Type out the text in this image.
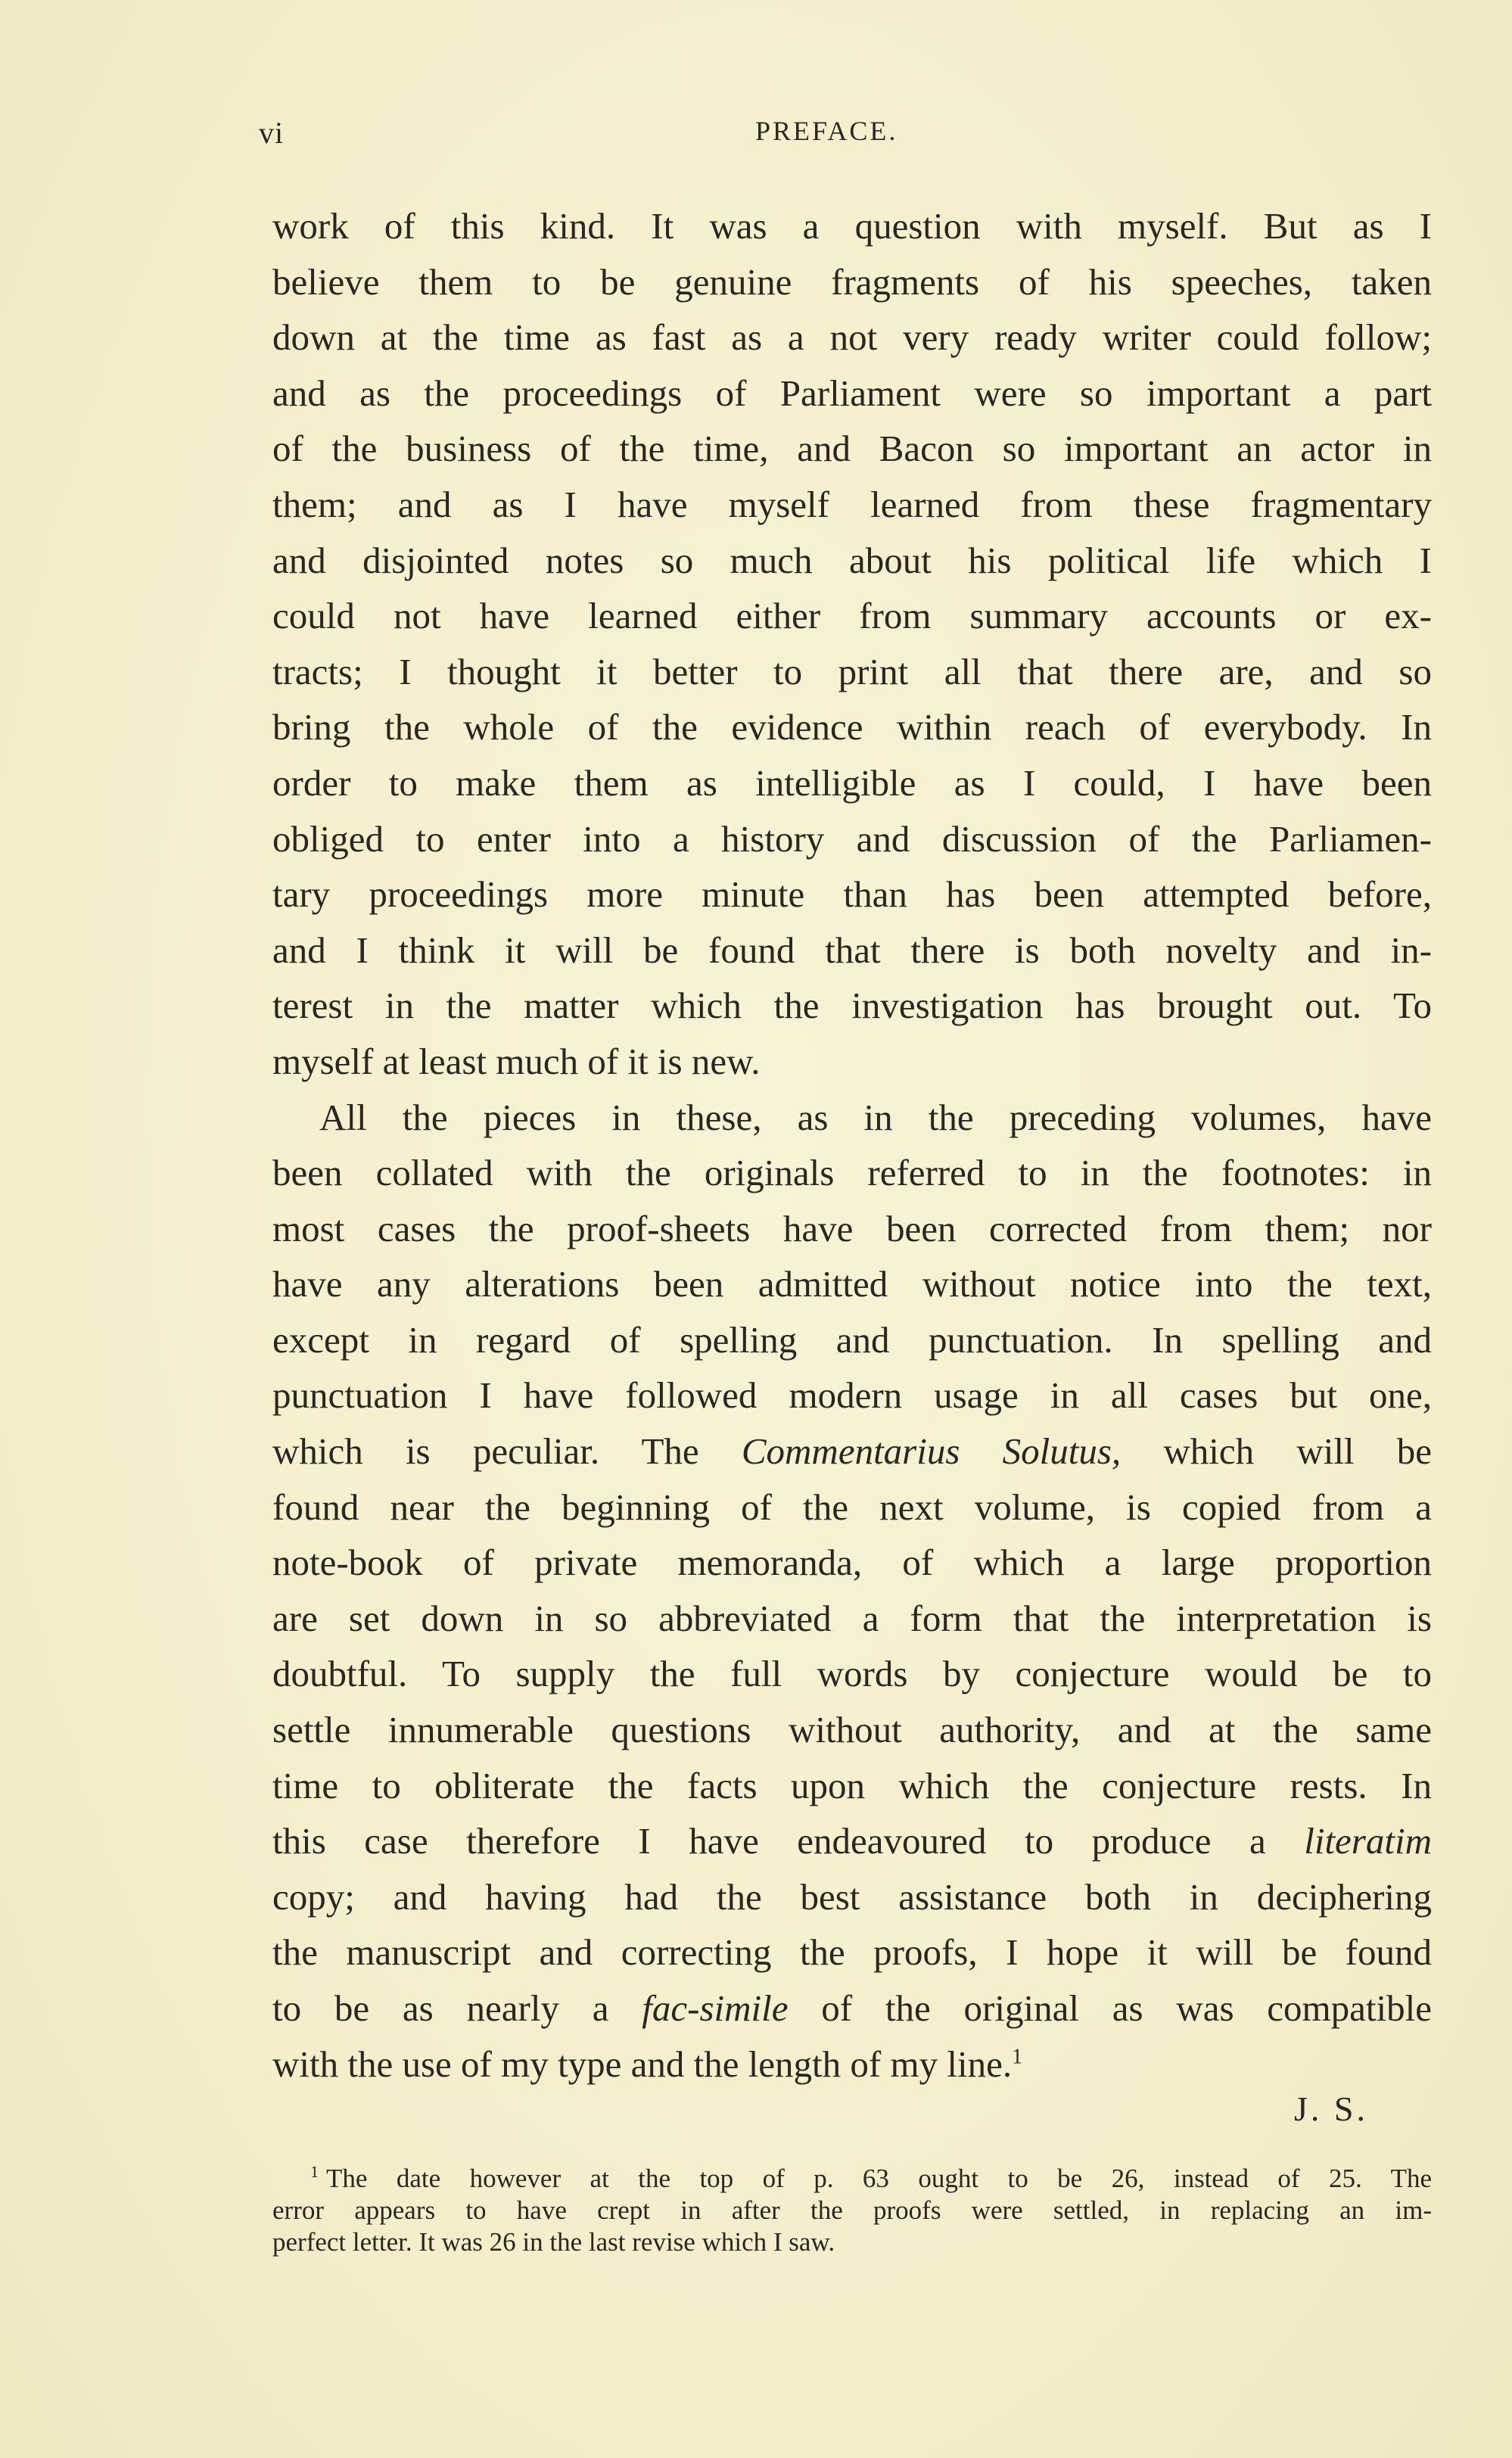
vi	PREFACE.
work of this kind. It was a question with myself. But as I
believe them to be genuine fragments of his speeches, taken
down at the time as fast as a not very ready writer could follow;
and as the proceedings of Parliament were so important a part
of the business of the time, and Bacon so important an actor in
them; and as I have myself learned from these fragmentary
and disjointed notes so much about his political life which I
could not have learned either from summary accounts or ex-
tracts; I thought it better to print all that there are, and so
bring the whole of the evidence within reach of everybody. In
order to make them as intelligible as I could, I have been
obliged to enter into a history and discussion of the Parliamen-
tary proceedings more minute than has been attempted before,
and I think it will be found that there is both novelty and in-
terest in the matter which the investigation has brought out. To
myself at least much of it is new.
All the pieces in these, as in the preceding volumes, have
been collated with the originals referred to in the footnotes: in
most cases the proof-sheets have been corrected from them; nor
have any alterations been admitted without notice into the text,
except in regard of spelling and punctuation. In spelling and
punctuation I have followed modern usage in all cases but one,
which is peculiar. The Commentarius Solutus, which will be
found near the beginning of the next volume, is copied from a
note-book of private memoranda, of which a large proportion
are set down in so abbreviated a form that the interpretation is
doubtful. To supply the full words by conjecture would be to
settle innumerable questions without authority, and at the same
time to obliterate the facts upon which the conjecture rests. In
this case therefore I have endeavoured to produce a literatim
copy; and having had the best assistance both in deciphering
the manuscript and correcting the proofs, I hope it will be found
to be as nearly a fac-simile of the original as was compatible
with the use of my type and the length of my line.$^1$
J. S.
$^1$ The date however at the top of p. 63 ought to be 26, instead of 25. The
error appears to have crept in after the proofs were settled, in replacing an im-
perfect letter. It was 26 in the last revise which I saw.
